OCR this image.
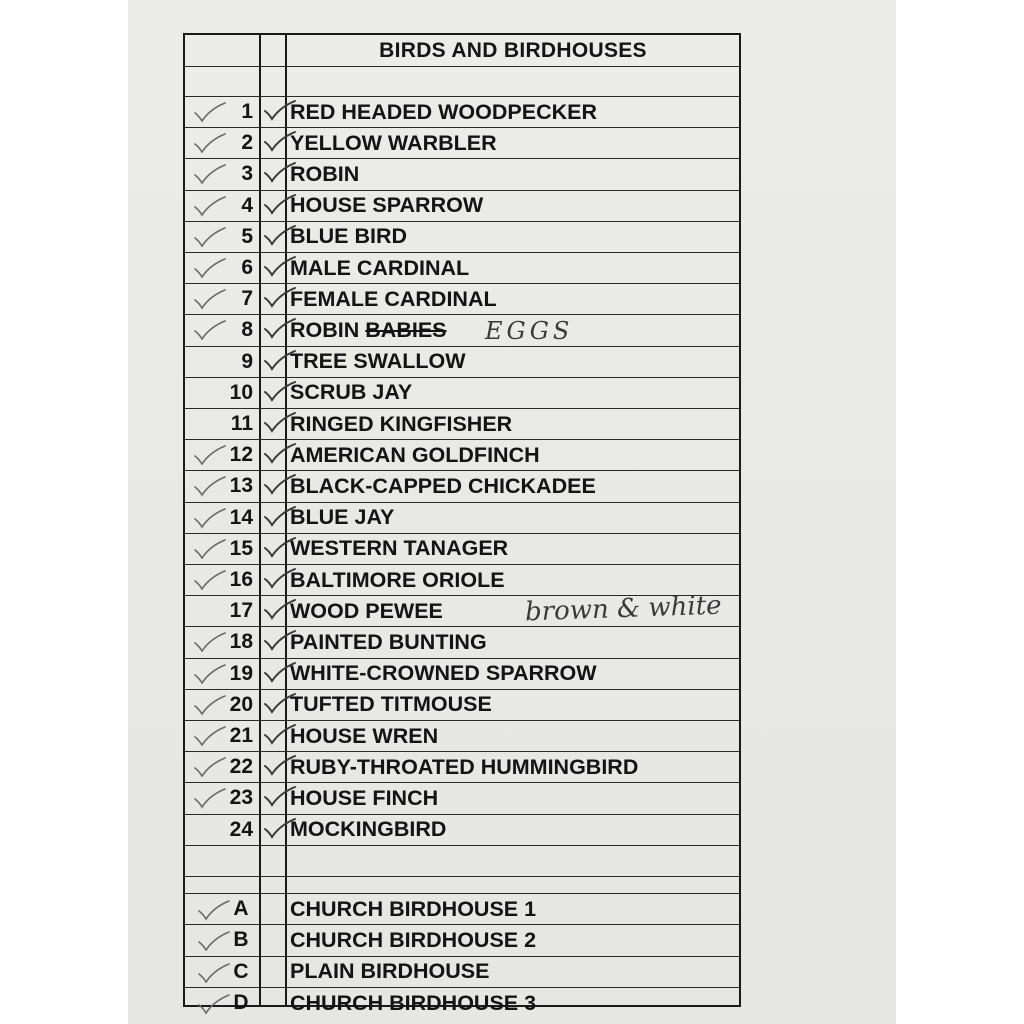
BIRDS AND BIRDHOUSES
1 RED HEADED WOODPECKER
2 YELLOW WARBLER
3 ROBIN
4 HOUSE SPARROW
5 BLUE BIRD
6 MALE CARDINAL
7 FEMALE CARDINAL
8 ROBIN BABIES EGGS
9 TREE SWALLOW
10 SCRUB JAY
11 RINGED KINGFISHER
12 AMERICAN GOLDFINCH
13 BLACK-CAPPED CHICKADEE
14 BLUE JAY
15 WESTERN TANAGER
16 BALTIMORE ORIOLE
17 WOOD PEWEE	brown & white
18 PAINTED BUNTING
19 WHITE-CROWNED SPARROW
20 TUFTED TITMOUSE
21 HOUSE WREN
22 RUBY-THROATED HUMMINGBIRD
23 HOUSE FINCH
24 MOCKINGBIRD
A CHURCH BIRDHOUSE 1
B CHURCH BIRDHOUSE 2
C PLAIN BIRDHOUSE
D CHURCH BIRDHOUSE 3
